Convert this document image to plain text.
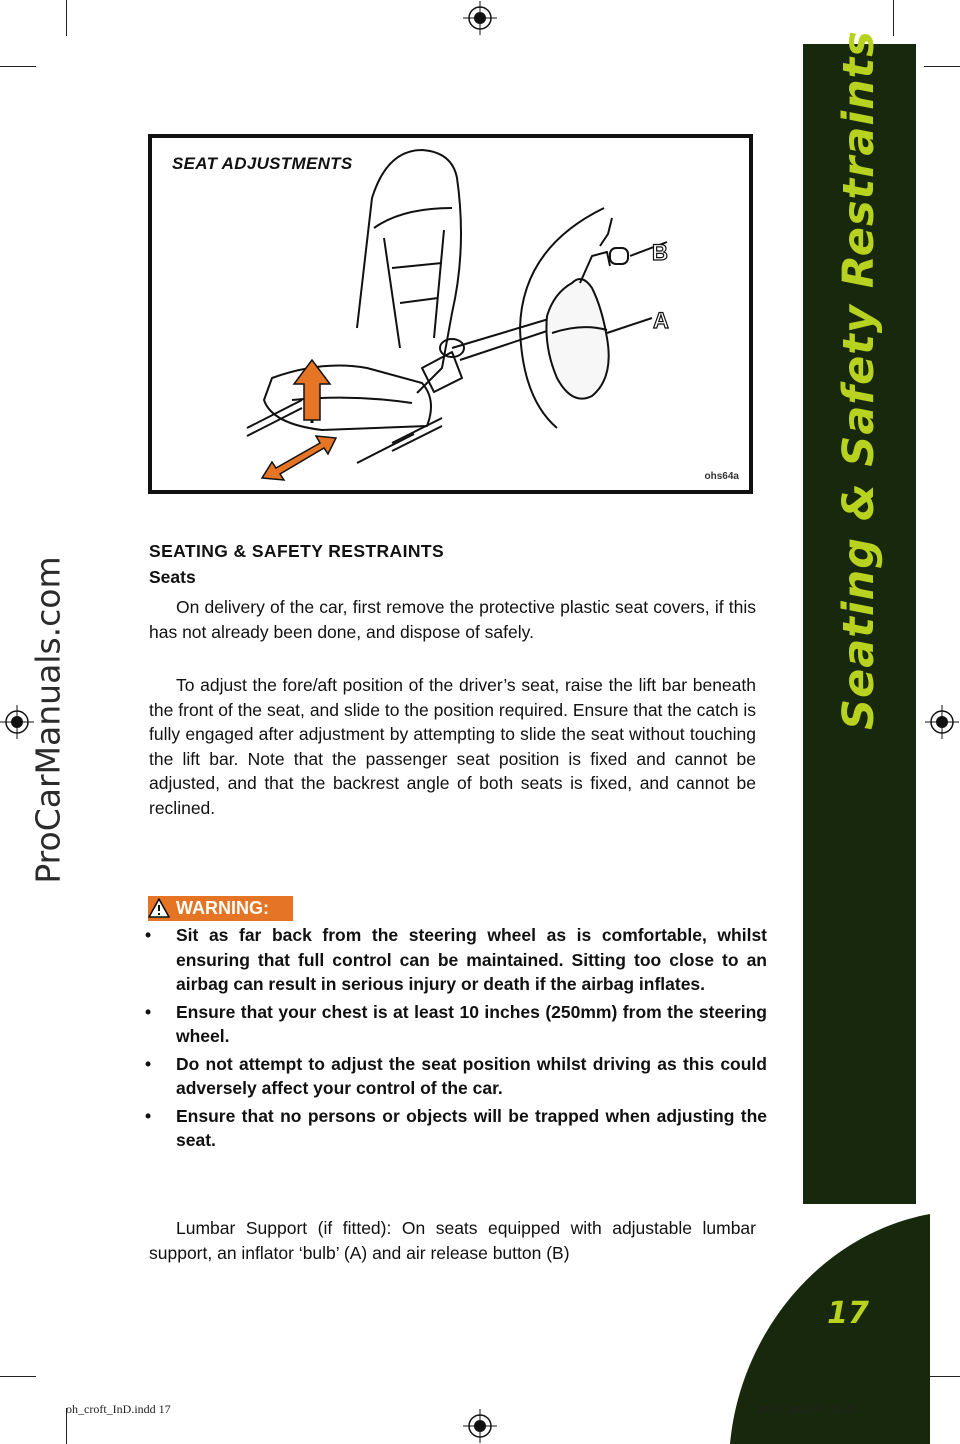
Seating & Safety Restraints
17
ProCarManuals.com
SEAT ADJUSTMENTS
B
A
ohs64a
SEATING & SAFETY RESTRAINTS
Seats
On delivery of the car, first remove the protective plastic seat covers, if this has not already been done, and dispose of safely.
To adjust the fore/aft position of the driver’s seat, raise the lift bar beneath the front of the seat, and slide to the position required. Ensure that the catch is fully engaged after adjustment by attempting to slide the seat without touching the lift bar. Note that the passenger seat position is fixed and cannot be adjusted, and that the backrest angle of both seats is fixed, and cannot be reclined.
WARNING:
• Sit as far back from the steering wheel as is comfortable, whilst ensuring that full control can be maintained. Sitting too close to an airbag can result in serious injury or death if the airbag inflates.
• Ensure that your chest is at least 10 inches (250mm) from the steering wheel.
• Do not attempt to adjust the seat position whilst driving as this could adversely affect your control of the car.
• Ensure that no persons or objects will be trapped when adjusting the seat.
Lumbar Support (if fitted): On seats equipped with adjustable lumbar support, an inflator ‘bulb’ (A) and air release button (B)
oh_croft_InD.indd 17	20/05/2004 07:58:43
